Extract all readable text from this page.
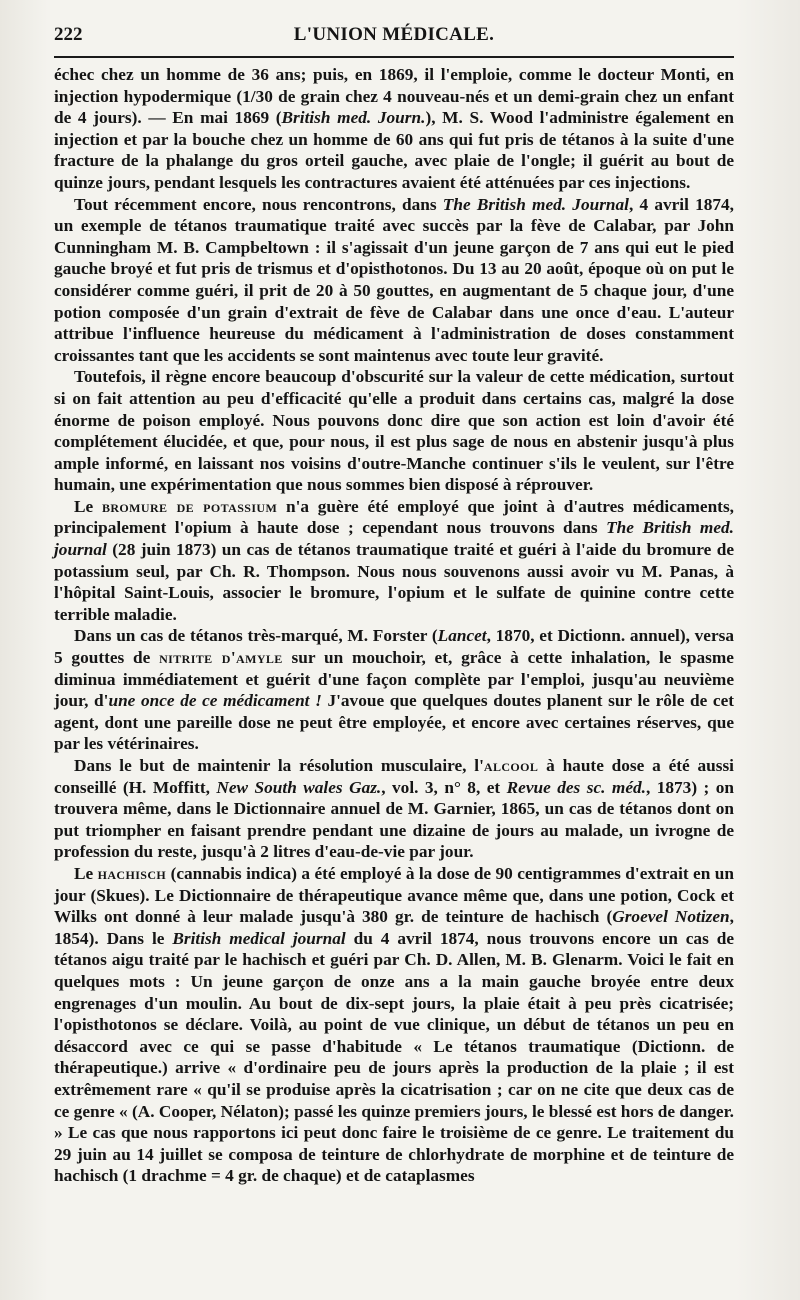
222	L'UNION MÉDICALE.

échec chez un homme de 36 ans; puis, en 1869, il l'emploie, comme le docteur Monti, en injection hypodermique (1/30 de grain chez 4 nouveau-nés et un demi-grain chez un enfant de 4 jours). — En mai 1869 (British med. Journ.), M. S. Wood l'administre également en injection et par la bouche chez un homme de 60 ans qui fut pris de tétanos à la suite d'une fracture de la phalange du gros orteil gauche, avec plaie de l'ongle; il guérit au bout de quinze jours, pendant lesquels les contractures avaient été atténuées par ces injections.

Tout récemment encore, nous rencontrons, dans The British med. Journal, 4 avril 1874, un exemple de tétanos traumatique traité avec succès par la fève de Calabar, par John Cunningham M. B. Campbeltown : il s'agissait d'un jeune garçon de 7 ans qui eut le pied gauche broyé et fut pris de trismus et d'opisthotonos. Du 13 au 20 août, époque où on put le considérer comme guéri, il prit de 20 à 50 gouttes, en augmentant de 5 chaque jour, d'une potion composée d'un grain d'extrait de fève de Calabar dans une once d'eau. L'auteur attribue l'influence heureuse du médicament à l'administration de doses constamment croissantes tant que les accidents se sont maintenus avec toute leur gravité.

Toutefois, il règne encore beaucoup d'obscurité sur la valeur de cette médication, surtout si on fait attention au peu d'efficacité qu'elle a produit dans certains cas, malgré la dose énorme de poison employé. Nous pouvons donc dire que son action est loin d'avoir été complétement élucidée, et que, pour nous, il est plus sage de nous en abstenir jusqu'à plus ample informé, en laissant nos voisins d'outre-Manche continuer s'ils le veulent, sur l'être humain, une expérimentation que nous sommes bien disposé à réprouver.

Le bromure de potassium n'a guère été employé que joint à d'autres médicaments, principalement l'opium à haute dose ; cependant nous trouvons dans The British med. journal (28 juin 1873) un cas de tétanos traumatique traité et guéri à l'aide du bromure de potassium seul, par Ch. R. Thompson. Nous nous souvenons aussi avoir vu M. Panas, à l'hôpital Saint-Louis, associer le bromure, l'opium et le sulfate de quinine contre cette terrible maladie.

Dans un cas de tétanos très-marqué, M. Forster (Lancet, 1870, et Dictionn. annuel), versa 5 gouttes de nitrite d'amyle sur un mouchoir, et, grâce à cette inhalation, le spasme diminua immédiatement et guérit d'une façon complète par l'emploi, jusqu'au neuvième jour, d'une once de ce médicament ! J'avoue que quelques doutes planent sur le rôle de cet agent, dont une pareille dose ne peut être employée, et encore avec certaines réserves, que par les vétérinaires.

Dans le but de maintenir la résolution musculaire, l'alcool à haute dose a été aussi conseillé (H. Moffitt, New South wales Gaz., vol. 3, n° 8, et Revue des sc. méd., 1873) ; on trouvera même, dans le Dictionnaire annuel de M. Garnier, 1865, un cas de tétanos dont on put triompher en faisant prendre pendant une dizaine de jours au malade, un ivrogne de profession du reste, jusqu'à 2 litres d'eau-de-vie par jour.

Le hachisch (cannabis indica) a été employé à la dose de 90 centigrammes d'extrait en un jour (Skues). Le Dictionnaire de thérapeutique avance même que, dans une potion, Cock et Wilks ont donné à leur malade jusqu'à 380 gr. de teinture de hachisch (Groevel Notizen, 1854). Dans le British medical journal du 4 avril 1874, nous trouvons encore un cas de tétanos aigu traité par le hachisch et guéri par Ch. D. Allen, M. B. Glenarm. Voici le fait en quelques mots : Un jeune garçon de onze ans a la main gauche broyée entre deux engrenages d'un moulin. Au bout de dix-sept jours, la plaie était à peu près cicatrisée; l'opisthotonos se déclare. Voilà, au point de vue clinique, un début de tétanos un peu en désaccord avec ce qui se passe d'habitude « Le tétanos traumatique (Dictionn. de thérapeutique.) arrive « d'ordinaire peu de jours après la production de la plaie ; il est extrêmement rare « qu'il se produise après la cicatrisation ; car on ne cite que deux cas de ce genre « (A. Cooper, Nélaton); passé les quinze premiers jours, le blessé est hors de danger. » Le cas que nous rapportons ici peut donc faire le troisième de ce genre. Le traitement du 29 juin au 14 juillet se composa de teinture de chlorhydrate de morphine et de teinture de hachisch (1 drachme = 4 gr. de chaque) et de cataplasmes
